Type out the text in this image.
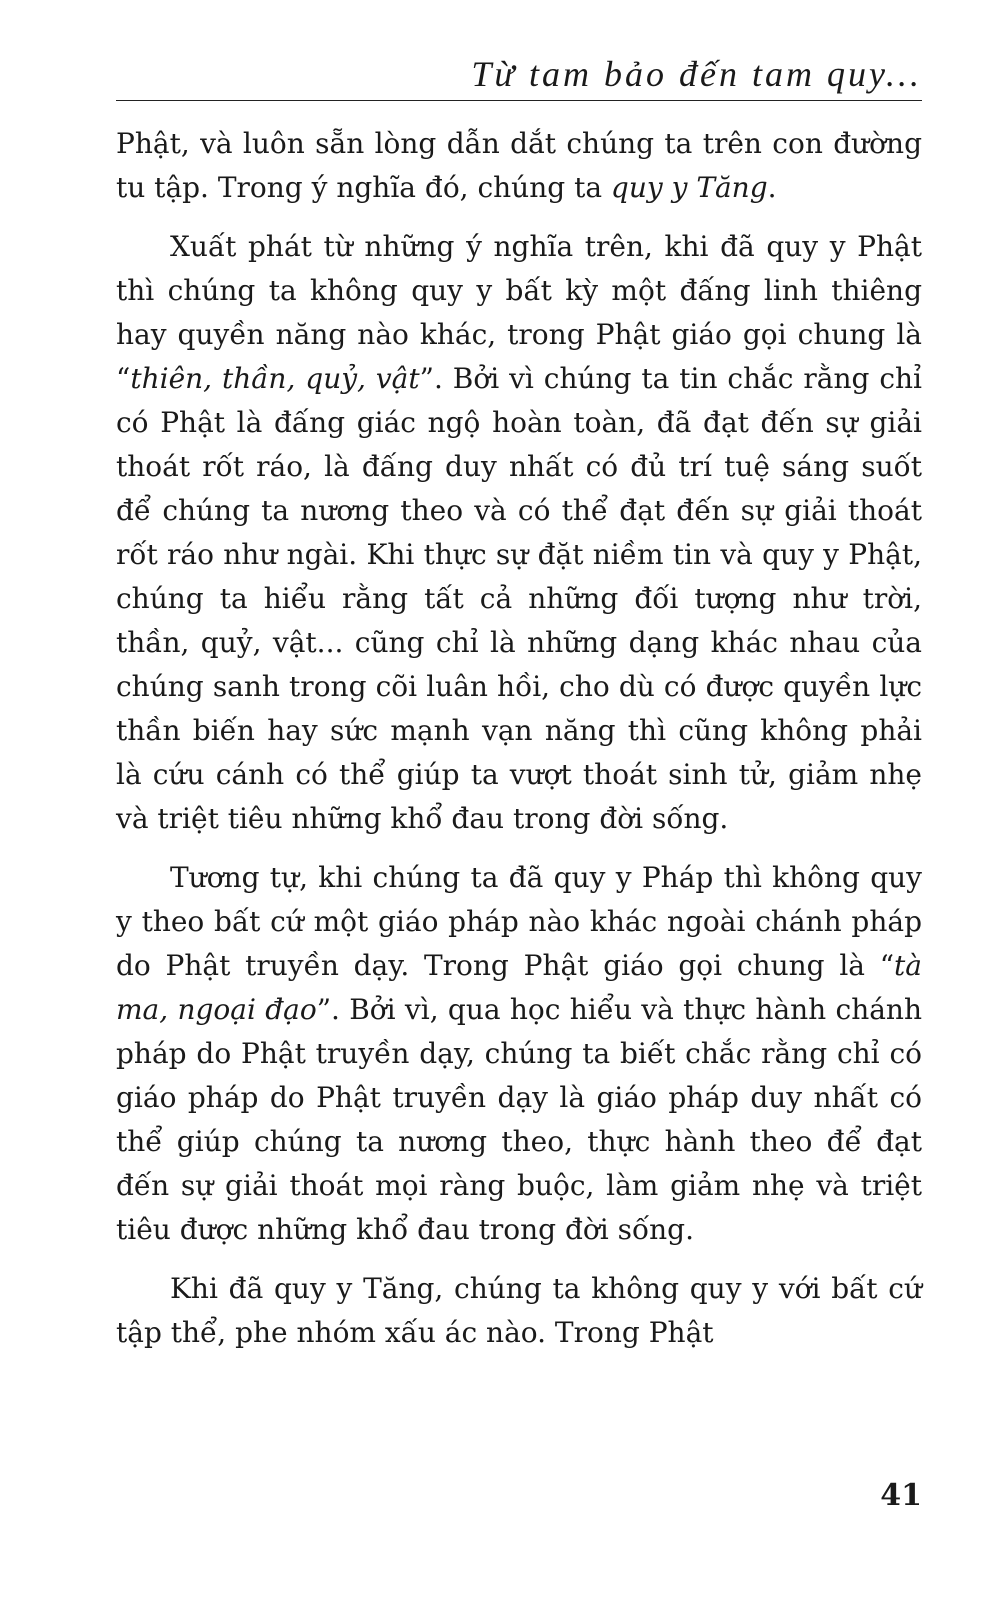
Từ tam bảo đến tam quy...

Phật, và luôn sẵn lòng dẫn dắt chúng ta trên con đường tu tập. Trong ý nghĩa đó, chúng ta quy y Tăng.

Xuất phát từ những ý nghĩa trên, khi đã quy y Phật thì chúng ta không quy y bất kỳ một đấng linh thiêng hay quyền năng nào khác, trong Phật giáo gọi chung là “thiên, thần, quỷ, vật”. Bởi vì chúng ta tin chắc rằng chỉ có Phật là đấng giác ngộ hoàn toàn, đã đạt đến sự giải thoát rốt ráo, là đấng duy nhất có đủ trí tuệ sáng suốt để chúng ta nương theo và có thể đạt đến sự giải thoát rốt ráo như ngài. Khi thực sự đặt niềm tin và quy y Phật, chúng ta hiểu rằng tất cả những đối tượng như trời, thần, quỷ, vật... cũng chỉ là những dạng khác nhau của chúng sanh trong cõi luân hồi, cho dù có được quyền lực thần biến hay sức mạnh vạn năng thì cũng không phải là cứu cánh có thể giúp ta vượt thoát sinh tử, giảm nhẹ và triệt tiêu những khổ đau trong đời sống.

Tương tự, khi chúng ta đã quy y Pháp thì không quy y theo bất cứ một giáo pháp nào khác ngoài chánh pháp do Phật truyền dạy. Trong Phật giáo gọi chung là “tà ma, ngoại đạo”. Bởi vì, qua học hiểu và thực hành chánh pháp do Phật truyền dạy, chúng ta biết chắc rằng chỉ có giáo pháp do Phật truyền dạy là giáo pháp duy nhất có thể giúp chúng ta nương theo, thực hành theo để đạt đến sự giải thoát mọi ràng buộc, làm giảm nhẹ và triệt tiêu được những khổ đau trong đời sống.

Khi đã quy y Tăng, chúng ta không quy y với bất cứ tập thể, phe nhóm xấu ác nào. Trong Phật

41
